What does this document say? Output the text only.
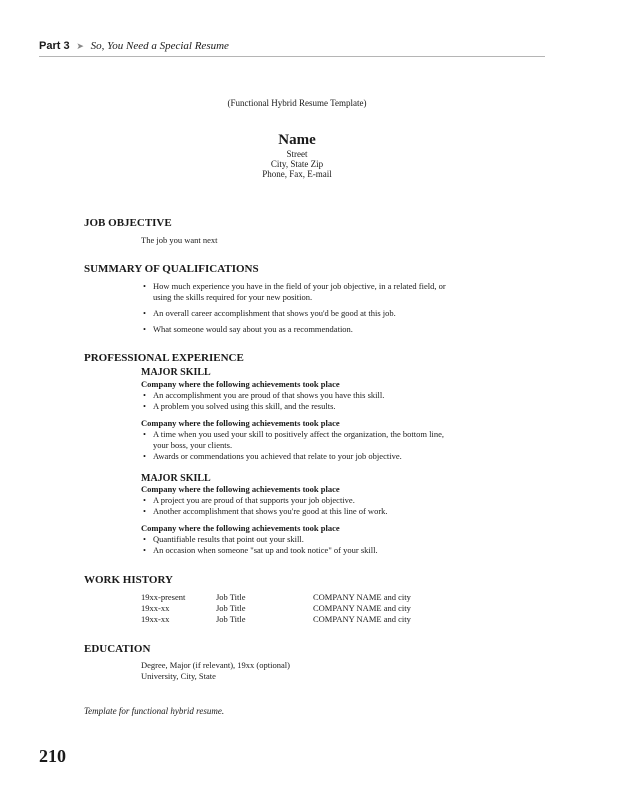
Part 3 ➤ So, You Need a Special Resume
(Functional Hybrid Resume Template)
Name
Street
City, State Zip
Phone, Fax, E-mail
JOB OBJECTIVE
The job you want next
SUMMARY OF QUALIFICATIONS
• How much experience you have in the field of your job objective, in a related field, or
using the skills required for your new position.
• An overall career accomplishment that shows you'd be good at this job.
• What someone would say about you as a recommendation.
PROFESSIONAL EXPERIENCE
MAJOR SKILL
Company where the following achievements took place
• An accomplishment you are proud of that shows you have this skill.
• A problem you solved using this skill, and the results.
Company where the following achievements took place
• A time when you used your skill to positively affect the organization, the bottom line,
your boss, your clients.
• Awards or commendations you achieved that relate to your job objective.
MAJOR SKILL
Company where the following achievements took place
• A project you are proud of that supports your job objective.
• Another accomplishment that shows you're good at this line of work.
Company where the following achievements took place
• Quantifiable results that point out your skill.
• An occasion when someone "sat up and took notice" of your skill.
WORK HISTORY
19xx-present	Job Title	COMPANY NAME and city
19xx-xx	Job Title	COMPANY NAME and city
19xx-xx	Job Title	COMPANY NAME and city
EDUCATION
Degree, Major (if relevant), 19xx (optional)
University, City, State
Template for functional hybrid resume.
210
